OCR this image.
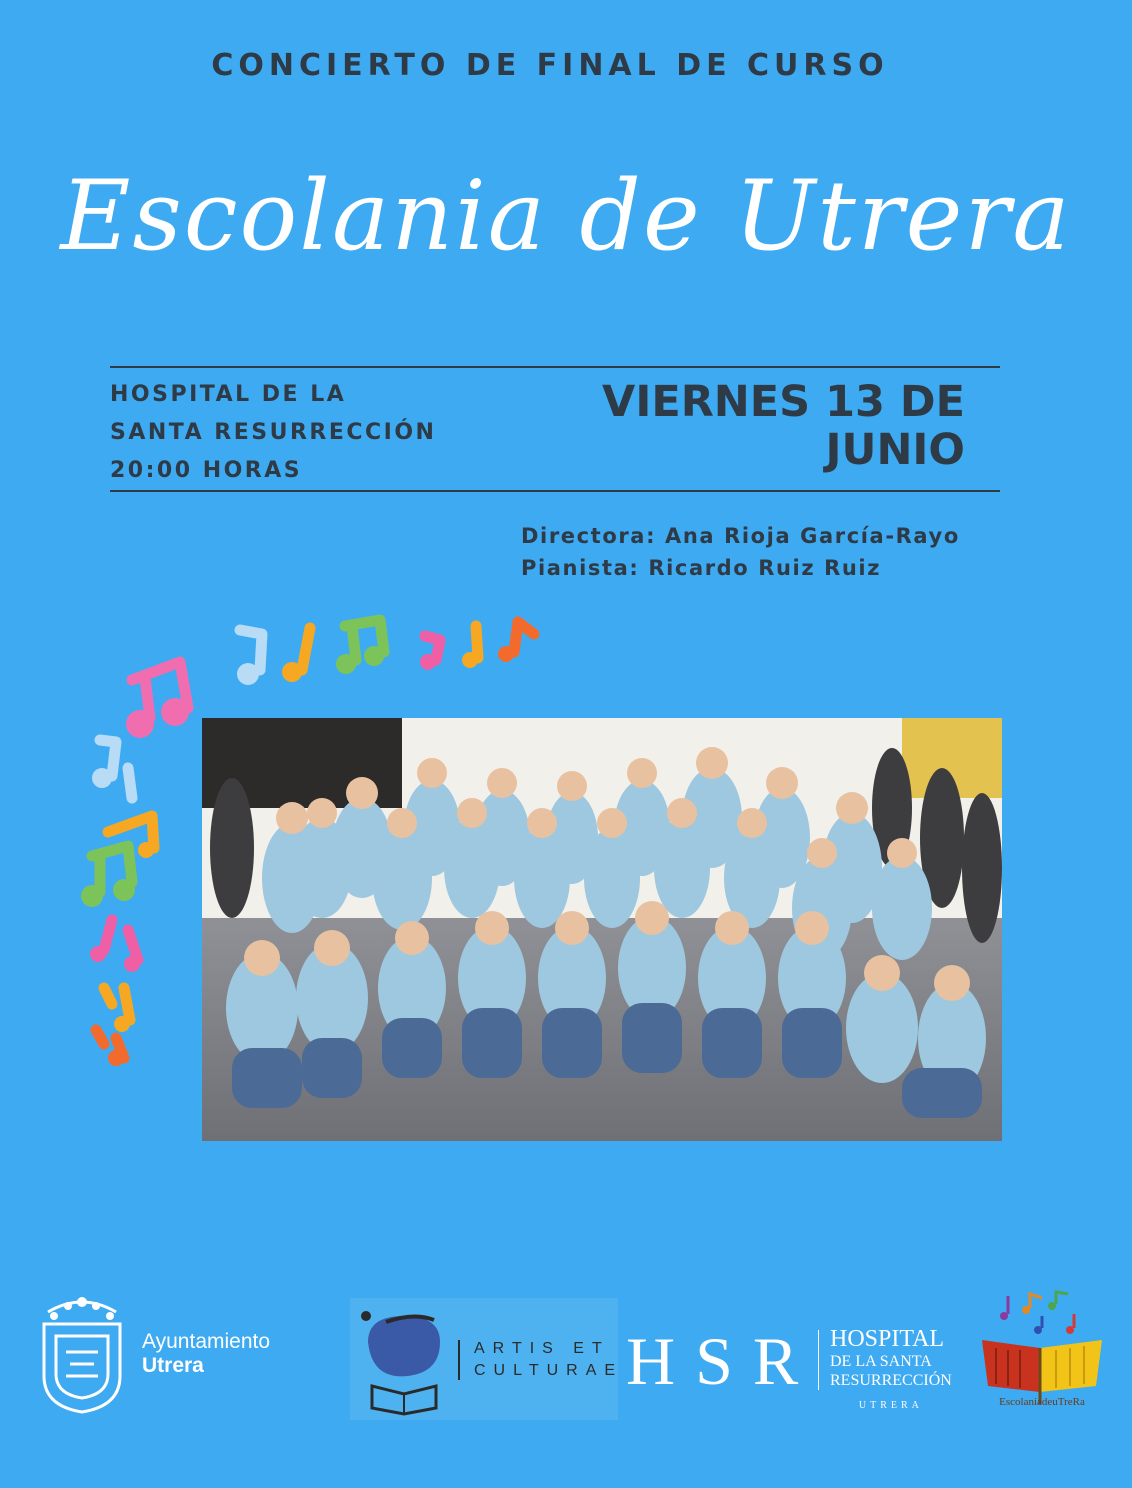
CONCIERTO DE FINAL DE CURSO
Escolania de Utrera
HOSPITAL DE LA
SANTA RESURRECCIÓN
20:00 HORAS
VIERNES 13 DE
JUNIO
Directora: Ana Rioja García-Rayo
Pianista: Ricardo Ruiz Ruiz
Ayuntamiento
Utrera
ARTIS ET
CULTURAE HSR HOSPITAL
DE LA SANTA
RESURRECCIÓN
UTRERA	EscolaniadeuTreRa
